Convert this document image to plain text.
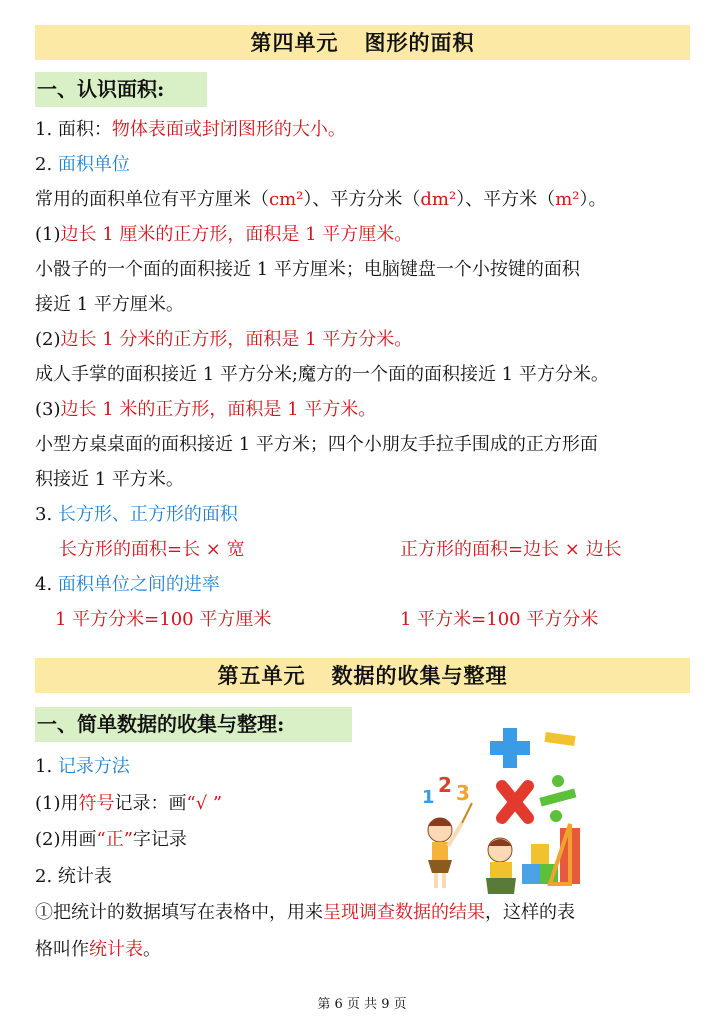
第四单元 图形的面积
一、认识面积:
1. 面积：物体表面或封闭图形的大小。
2. 面积单位
常用的面积单位有平方厘米（cm²）、平方分米（dm²）、平方米（m²）。
(1)边长 1 厘米的正方形，面积是 1 平方厘米。
小骰子的一个面的面积接近 1 平方厘米；电脑键盘一个小按键的面积
接近 1 平方厘米。
(2)边长 1 分米的正方形，面积是 1 平方分米。
成人手掌的面积接近 1 平方分米;魔方的一个面的面积接近 1 平方分米。
(3)边长 1 米的正方形，面积是 1 平方米。
小型方桌桌面的面积接近 1 平方米；四个小朋友手拉手围成的正方形面
积接近 1 平方米。
3. 长方形、正方形的面积
长方形的面积=长 × 宽	正方形的面积=边长 × 边长
4. 面积单位之间的进率
1 平方分米=100 平方厘米	1 平方米=100 平方分米
第五单元 数据的收集与整理
一、简单数据的收集与整理:
1. 记录方法
(1)用符号记录：画“√ ”
(2)用画“正”字记录
2. 统计表
①把统计的数据填写在表格中，用来呈现调查数据的结果，这样的表
格叫作统计表。
1
2 3
第 6 页 共 9 页
